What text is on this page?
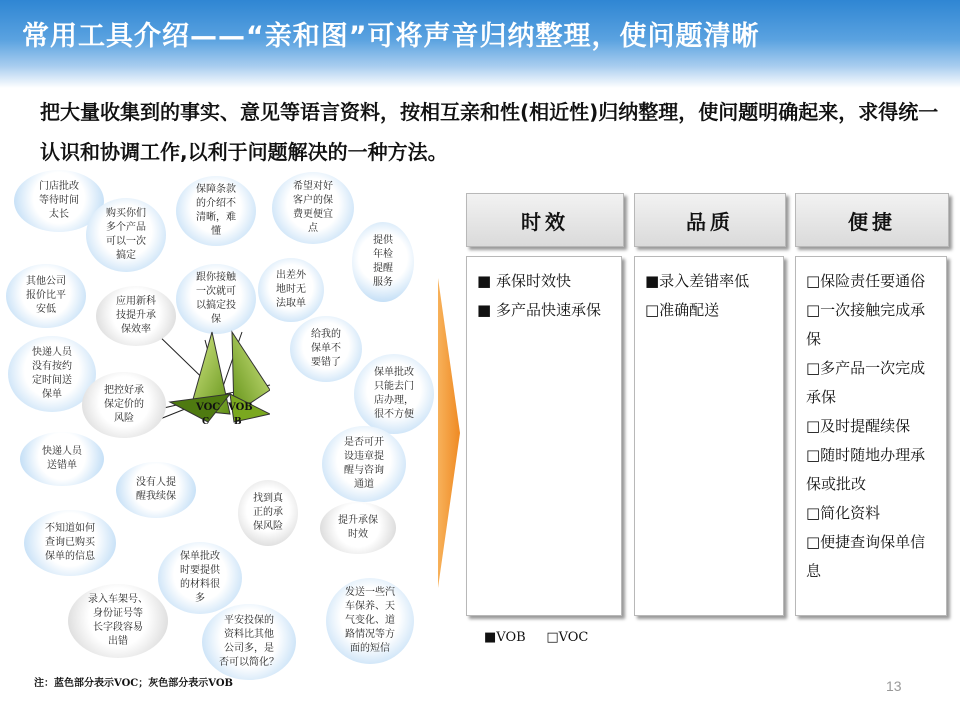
常用工具介绍——“亲和图”可将声音归纳整理，使问题清晰
把大量收集到的事实、意见等语言资料，按相互亲和性(相近性)归纳整理，使问题明确起来，求得统一认识和协调工作,以利于问题解决的一种方法。
门店批改
等待时间
太长	购买你们
多个产品
可以一次
搞定
保障条款
的介绍不
清晰，难
懂
希望对好
客户的保
费更便宜
点
提供
年检
提醒
服务
其他公司
报价比平
安低
应用新科
技提升承
保效率
跟你接触
一次就可
以搞定投
保
出差外
地时无
法取单
给我的
保单不
要错了
快递人员
没有按约
定时间送
保单	把控好承
保定价的
风险
保单批改
只能去门
店办理，
很不方便
快递人员
送错单
是否可开
设违章提
醒与咨询
通道
没有人提
醒我续保	找到真
正的承
保风险
提升承保
时效
不知道如何
查询已购买
保单的信息	保单批改
时要提供
的材料很
多
录入车架号、
身份证号等
长字段容易
出错
平安投保的
资料比其他
公司多，是
否可以简化？
发送一些汽
车保养、天
气变化、道
路情况等方
面的短信
VOC VOB
C	B
时效	品质	便捷
■ 承保时效快
■ 多产品快速承保
■录入差错率低
□准确配送
□保险责任要通俗
□一次接触完成承保
□多产品一次完成承保
□及时提醒续保
□随时随地办理承保或批改
□简化资料
□便捷查询保单信息
■VOB □VOC
注：蓝色部分表示VOC；灰色部分表示VOB	13
